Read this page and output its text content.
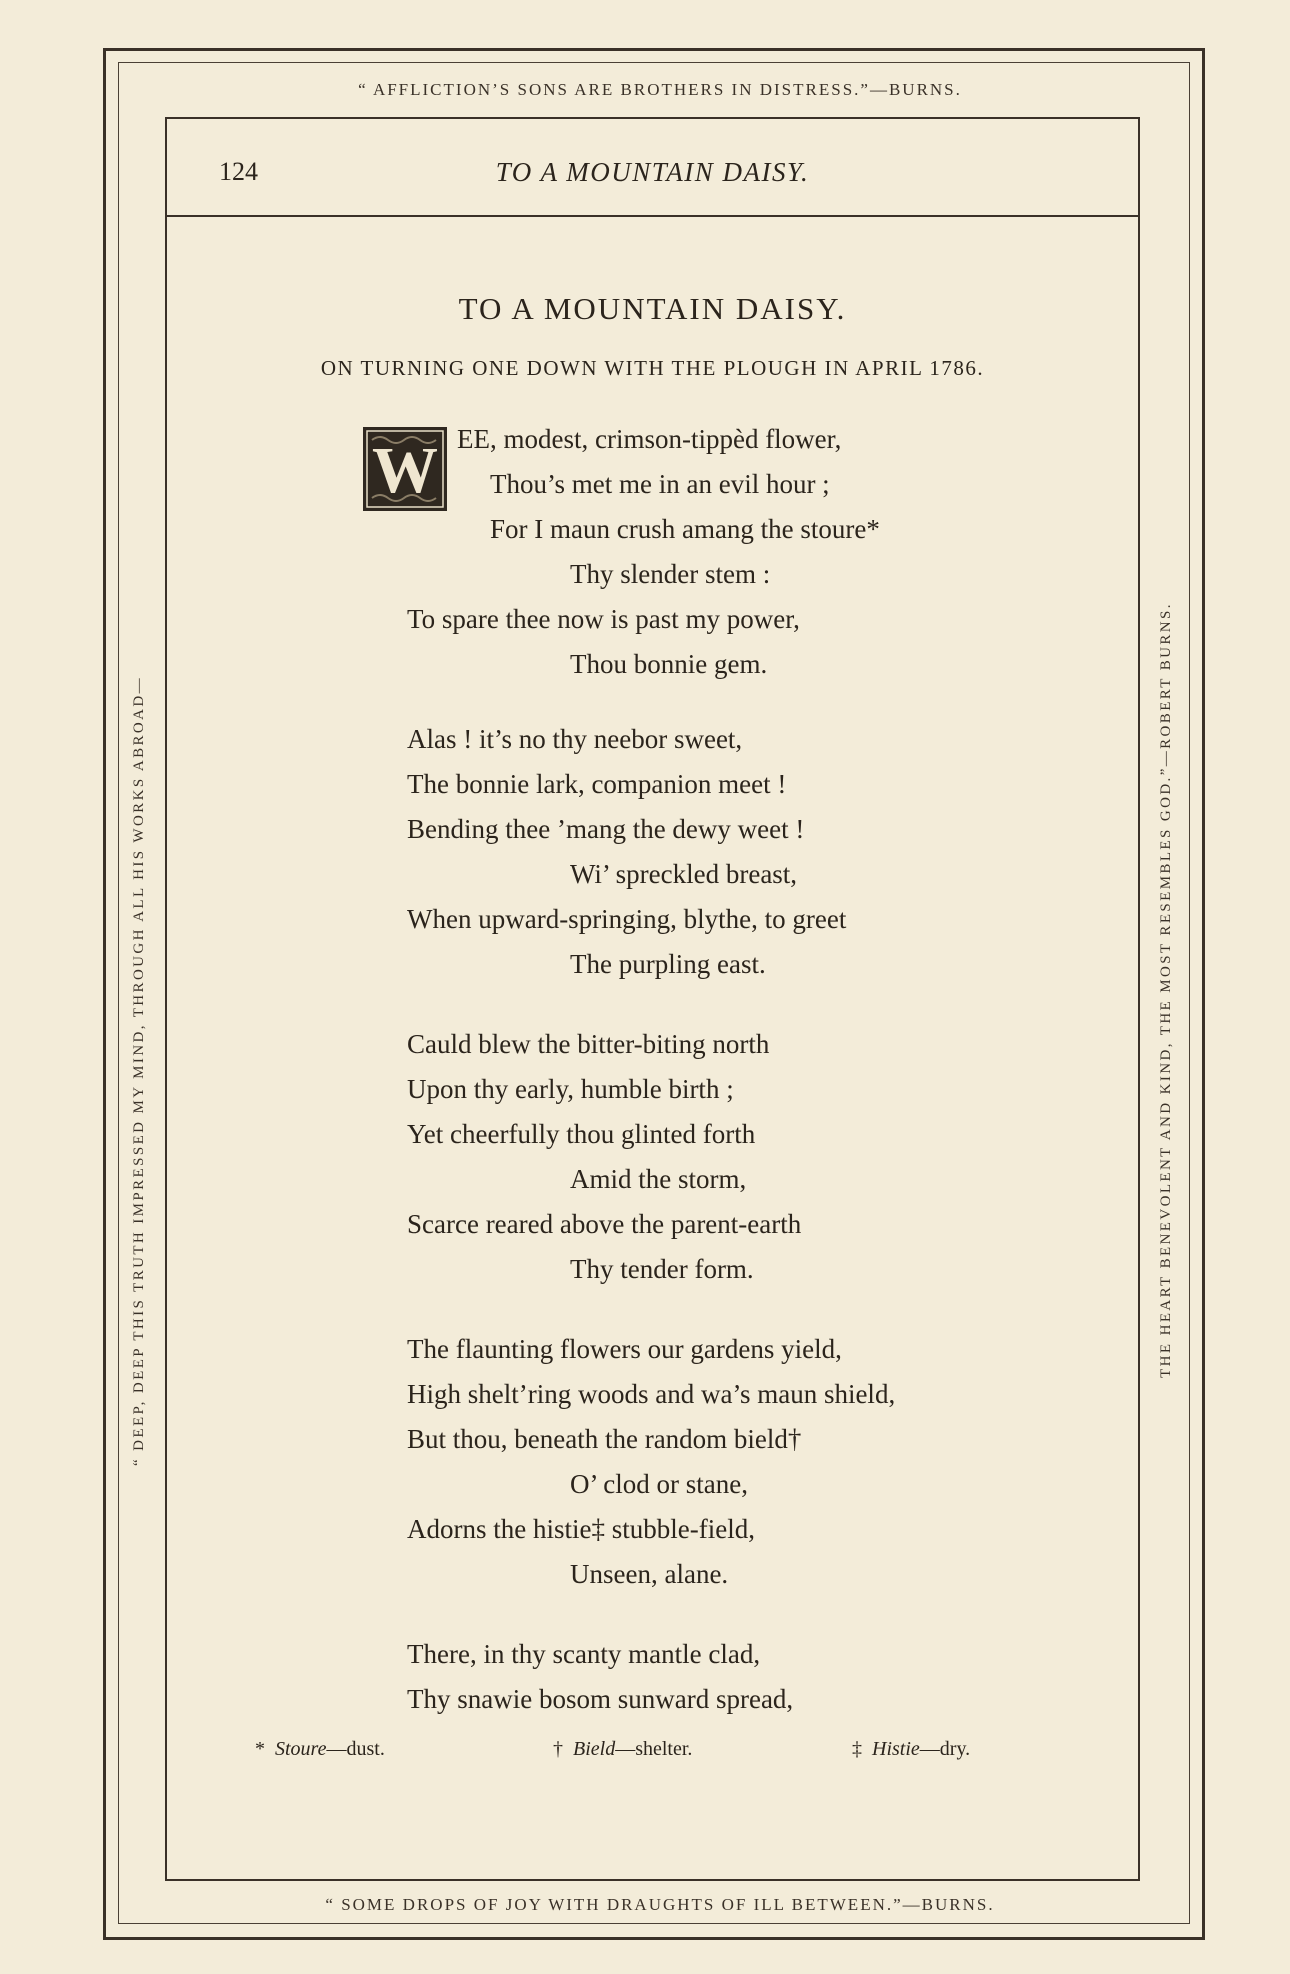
“ AFFLICTION’S SONS ARE BROTHERS IN DISTRESS.”—BURNS.
“ SOME DROPS OF JOY WITH DRAUGHTS OF ILL BETWEEN.”—BURNS.
“ DEEP, DEEP THIS TRUTH IMPRESSED MY MIND, THROUGH ALL HIS WORKS ABROAD—	THE HEART BENEVOLENT AND KIND, THE MOST RESEMBLES GOD.”—ROBERT BURNS.
124	TO A MOUNTAIN DAISY.
TO A MOUNTAIN DAISY.
ON TURNING ONE DOWN WITH THE PLOUGH IN APRIL 1786.
W EE, modest, crimson-tippèd flower,
Thou’s met me in an evil hour ;
For I maun crush amang the stoure*
Thy slender stem :
To spare thee now is past my power,
Thou bonnie gem.
Alas ! it’s no thy neebor sweet,
The bonnie lark, companion meet !
Bending thee ’mang the dewy weet !
Wi’ spreckled breast,
When upward-springing, blythe, to greet
The purpling east.
Cauld blew the bitter-biting north
Upon thy early, humble birth ;
Yet cheerfully thou glinted forth
Amid the storm,
Scarce reared above the parent-earth
Thy tender form.
The flaunting flowers our gardens yield,
High shelt’ring woods and wa’s maun shield,
But thou, beneath the random bield†
O’ clod or stane,
Adorns the histie‡ stubble-field,
Unseen, alane.
There, in thy scanty mantle clad,
Thy snawie bosom sunward spread,
* Stoure—dust.	† Bield—shelter.	‡ Histie—dry.
